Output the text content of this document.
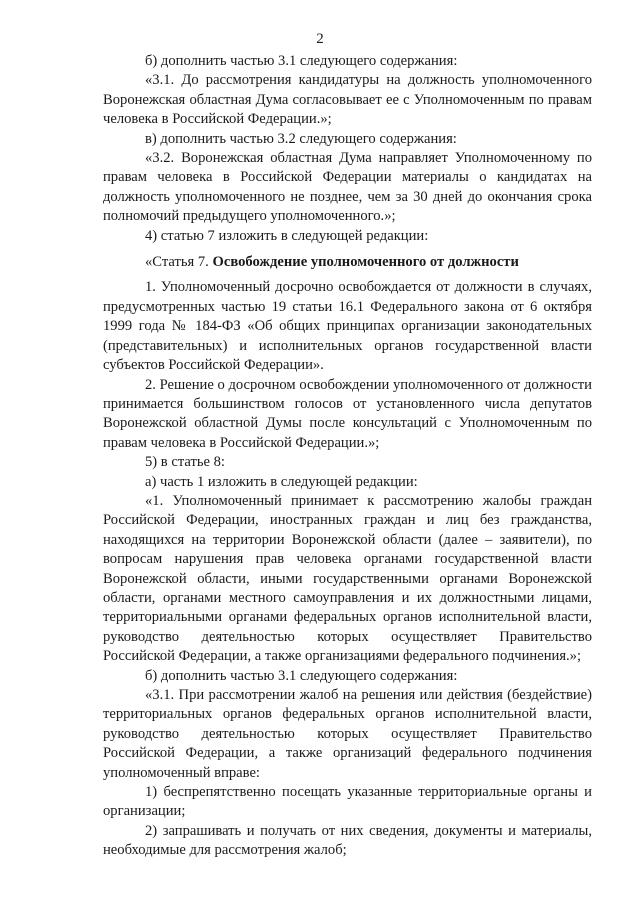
2

б) дополнить частью 3.1 следующего содержания:

«3.1. До рассмотрения кандидатуры на должность уполномоченного Воронежская областная Дума согласовывает ее с Уполномоченным по правам человека в Российской Федерации.»;

в) дополнить частью 3.2 следующего содержания:

«3.2. Воронежская областная Дума направляет Уполномоченному по правам человека в Российской Федерации материалы о кандидатах на должность уполномоченного не позднее, чем за 30 дней до окончания срока полномочий предыдущего уполномоченного.»;

4) статью 7 изложить в следующей редакции:

«Статья 7. Освобождение уполномоченного от должности

1. Уполномоченный досрочно освобождается от должности в случаях, предусмотренных частью 19 статьи 16.1 Федерального закона от 6 октября 1999 года № 184-ФЗ «Об общих принципах организации законодательных (представительных) и исполнительных органов государственной власти субъектов Российской Федерации».

2. Решение о досрочном освобождении уполномоченного от должности принимается большинством голосов от установленного числа депутатов Воронежской областной Думы после консультаций с Уполномоченным по правам человека в Российской Федерации.»;

5) в статье 8:

а) часть 1 изложить в следующей редакции:

«1. Уполномоченный принимает к рассмотрению жалобы граждан Российской Федерации, иностранных граждан и лиц без гражданства, находящихся на территории Воронежской области (далее – заявители), по вопросам нарушения прав человека органами государственной власти Воронежской области, иными государственными органами Воронежской области, органами местного самоуправления и их должностными лицами, территориальными органами федеральных органов исполнительной власти, руководство деятельностью которых осуществляет Правительство Российской Федерации, а также организациями федерального подчинения.»;

б) дополнить частью 3.1 следующего содержания:

«3.1. При рассмотрении жалоб на решения или действия (бездействие) территориальных органов федеральных органов исполнительной власти, руководство деятельностью которых осуществляет Правительство Российской Федерации, а также организаций федерального подчинения уполномоченный вправе:

1) беспрепятственно посещать указанные территориальные органы и организации;

2) запрашивать и получать от них сведения, документы и материалы, необходимые для рассмотрения жалоб;
